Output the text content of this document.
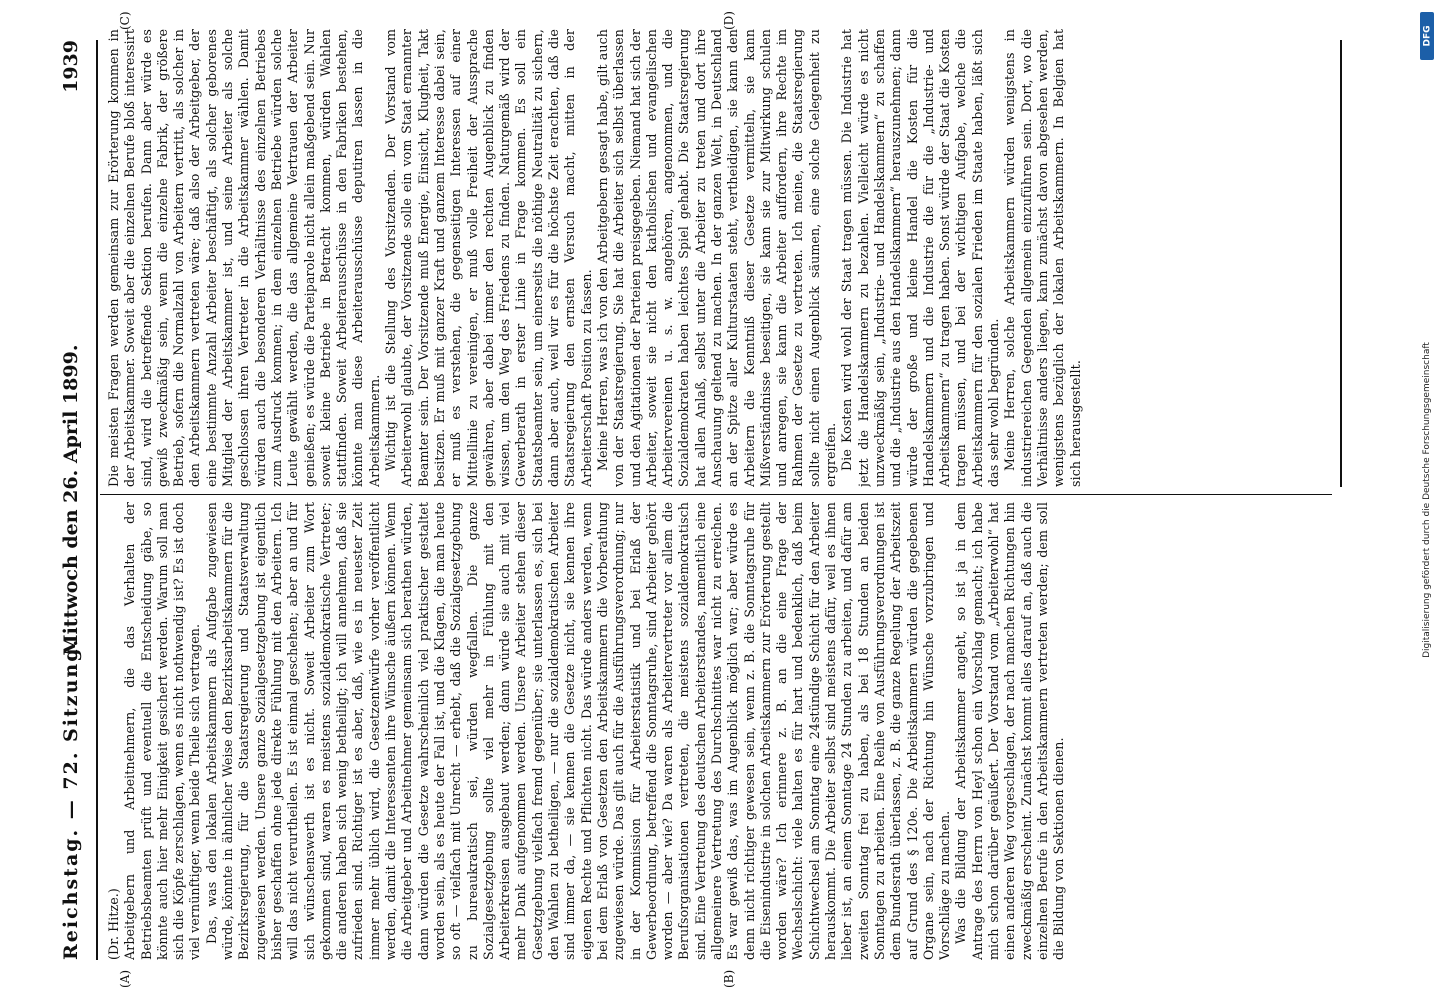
Reichstag. — 72. Sitzung.
Mittwoch den 26. April 1899.
1939
(A)	(B)
(C)	(D)

(Dr. Hitze.) Arbeitgebern und Arbeitnehmern, die das Verhalten der Betriebsbeamten prüft und eventuell die Entscheidung gäbe, so könnte auch hier mehr Einigkeit gesichert werden. Warum soll man sich die Köpfe zerschlagen, wenn es nicht nothwendig ist? Es ist doch viel vernünftiger, wenn beide Theile sich vertragen. Das, was den lokalen Arbeitskammern als Aufgabe zugewiesen würde, könnte in ähnlicher Weise den Bezirksarbeitskammern für die Bezirksregierung, für die Staatsregierung und Staatsverwaltung zugewiesen werden. Unsere ganze Sozialgesetzgebung ist eigentlich bisher geschaffen ohne jede direkte Fühlung mit den Arbeitern. Ich will das nicht verurtheilen. Es ist einmal geschehen; aber an und für sich wünschenswerth ist es nicht. Soweit Arbeiter zum Wort gekommen sind, waren es meistens sozialdemokratische Vertreter; die anderen haben sich wenig betheiligt; ich will annehmen, daß sie zufrieden sind. Richtiger ist es aber, daß, wie es in neuester Zeit immer mehr üblich wird, die Gesetzentwürfe vorher veröffentlicht werden, damit die Interessenten ihre Wünsche äußern können. Wenn die Arbeitgeber und Arbeitnehmer gemeinsam sich berathen würden, dann würden die Gesetze wahrscheinlich viel praktischer gestaltet worden sein, als es heute der Fall ist, und die Klagen, die man heute so oft — vielfach mit Unrecht — erhebt, daß die Sozialgesetzgebung zu bureaukratisch sei, würden wegfallen. Die ganze Sozialgesetzgebung sollte viel mehr in Fühlung mit den Arbeiterkreisen ausgebaut werden; dann würde sie auch mit viel mehr Dank aufgenommen werden. Unsere Arbeiter stehen dieser Gesetzgebung vielfach fremd gegenüber; sie unterlassen es, sich bei den Wahlen zu betheiligen, — nur die sozialdemokratischen Arbeiter sind immer da, — sie kennen die Gesetze nicht, sie kennen ihre eigenen Rechte und Pflichten nicht. Das würde anders werden, wenn bei dem Erlaß von Gesetzen den Arbeitskammern die Vorberathung zugewiesen würde. Das gilt auch für die Ausführungsverordnung; nur in der Kommission für Arbeiterstatistik und bei Erlaß der Gewerbeordnung, betreffend die Sonntagsruhe, sind Arbeiter gehört worden — aber wie? Da waren als Arbeitervertreter vor allem die Berufsorganisationen vertreten, die meistens sozialdemokratisch sind. Eine Vertretung des deutschen Arbeiterstandes, namentlich eine allgemeinere Vertretung des Durchschnittes war nicht zu erreichen. Es war gewiß das, was im Augenblick möglich war; aber würde es denn nicht richtiger gewesen sein, wenn z. B. die Sonntagsruhe für die Eisenindustrie in solchen Arbeitskammern zur Erörterung gestellt worden wäre? Ich erinnere z. B. an die eine Frage der Wechselschicht: viele halten es für hart und bedenklich, daß beim Schichtwechsel am Sonntag eine 24stündige Schicht für den Arbeiter herauskommt. Die Arbeiter selbst sind meistens dafür, weil es ihnen lieber ist, an einem Sonntage 24 Stunden zu arbeiten, und dafür am zweiten Sonntag frei zu haben, als bei 18 Stunden an beiden Sonntagen zu arbeiten. Eine Reihe von Ausführungsverordnungen ist dem Bundesrath überlassen, z. B. die ganze Regelung der Arbeitszeit auf Grund des § 120e. Die Arbeitskammern würden die gegebenen Organe sein, nach der Richtung hin Wünsche vorzubringen und Vorschläge zu machen. Was die Bildung der Arbeitskammer angeht, so ist ja in dem Antrage des Herrn von Heyl schon ein Vorschlag gemacht; ich habe mich schon darüber geäußert. Der Vorstand vom „Arbeiterwohl“ hat einen anderen Weg vorgeschlagen, der nach manchen Richtungen hin zweckmäßig erscheint. Zunächst kommt alles darauf an, daß auch die einzelnen Berufe in den Arbeitskammern vertreten werden; dem soll die Bildung von Sektionen dienen.

Die meisten Fragen werden gemeinsam zur Erörterung kommen in der Arbeitskammer. Soweit aber die einzelnen Berufe bloß interessirt sind, wird die betreffende Sektion berufen. Dann aber würde es gewiß zweckmäßig sein, wenn die einzelne Fabrik, der größere Betrieb, sofern die Normalzahl von Arbeitern vertritt, als solcher in den Arbeitskammern vertreten wäre; daß also der Arbeitgeber, der eine bestimmte Anzahl Arbeiter beschäftigt, als solcher geborenes Mitglied der Arbeitskammer ist, und seine Arbeiter als solche geschlossen ihren Vertreter in die Arbeitskammer wählen. Damit würden auch die besonderen Verhältnisse des einzelnen Betriebes zum Ausdruck kommen; in dem einzelnen Betriebe würden solche Leute gewählt werden, die das allgemeine Vertrauen der Arbeiter genießen; es würde die Parteiparole nicht allein maßgebend sein. Nur soweit kleine Betriebe in Betracht kommen, würden Wahlen stattfinden. Soweit Arbeiterausschüsse in den Fabriken bestehen, könnte man diese Arbeiterausschüsse deputiren lassen in die Arbeitskammern. Wichtig ist die Stellung des Vorsitzenden. Der Vorstand vom Arbeiterwohl glaubte, der Vorsitzende solle ein vom Staat ernannter Beamter sein. Der Vorsitzende muß Energie, Einsicht, Klugheit, Takt besitzen. Er muß mit ganzer Kraft und ganzem Interesse dabei sein, er muß es verstehen, die gegenseitigen Interessen auf einer Mittellinie zu vereinigen, er muß volle Freiheit der Aussprache gewähren, aber dabei immer den rechten Augenblick zu finden wissen, um den Weg des Friedens zu finden. Naturgemäß wird der Gewerberath in erster Linie in Frage kommen. Es soll ein Staatsbeamter sein, um einerseits die nöthige Neutralität zu sichern, dann aber auch, weil wir es für die höchste Zeit erachten, daß die Staatsregierung den ernsten Versuch macht, mitten in der Arbeiterschaft Position zu fassen. Meine Herren, was ich von den Arbeitgebern gesagt habe, gilt auch von der Staatsregierung. Sie hat die Arbeiter sich selbst überlassen und den Agitationen der Parteien preisgegeben. Niemand hat sich der Arbeiter, soweit sie nicht den katholischen und evangelischen Arbeitervereinen u. s. w. angehören, angenommen, und die Sozialdemokraten haben leichtes Spiel gehabt. Die Staatsregierung hat allen Anlaß, selbst unter die Arbeiter zu treten und dort ihre Anschauung geltend zu machen. In der ganzen Welt, in Deutschland an der Spitze aller Kulturstaaten steht, vertheidigen, sie kann den Arbeitern die Kenntniß dieser Gesetze vermitteln, sie kann Mißverständnisse beseitigen, sie kann sie zur Mitwirkung schulen und anregen, sie kann die Arbeiter auffordern, ihre Rechte im Rahmen der Gesetze zu vertreten. Ich meine, die Staatsregierung sollte nicht einen Augenblick säumen, eine solche Gelegenheit zu ergreifen. Die Kosten wird wohl der Staat tragen müssen. Die Industrie hat jetzt die Handelskammern zu bezahlen. Vielleicht würde es nicht unzweckmäßig sein, „Industrie- und Handelskammern“ zu schaffen und die „Industrie aus den Handelskammern“ herauszunehmen; dann würde der große und kleine Handel die Kosten für die Handelskammern und die Industrie die für die „Industrie- und Arbeitskammern“ zu tragen haben. Sonst würde der Staat die Kosten tragen müssen, und bei der wichtigen Aufgabe, welche die Arbeitskammern für den sozialen Frieden im Staate haben, läßt sich das sehr wohl begründen. Meine Herren, solche Arbeitskammern würden wenigstens in industriereichen Gegenden allgemein einzuführen sein. Dort, wo die Verhältnisse anders liegen, kann zunächst davon abgesehen werden, wenigstens bezüglich der lokalen Arbeitskammern. In Belgien hat sich herausgestellt.

DFG
Digitalisierung gefördert durch die Deutsche Forschungsgemeinschaft
